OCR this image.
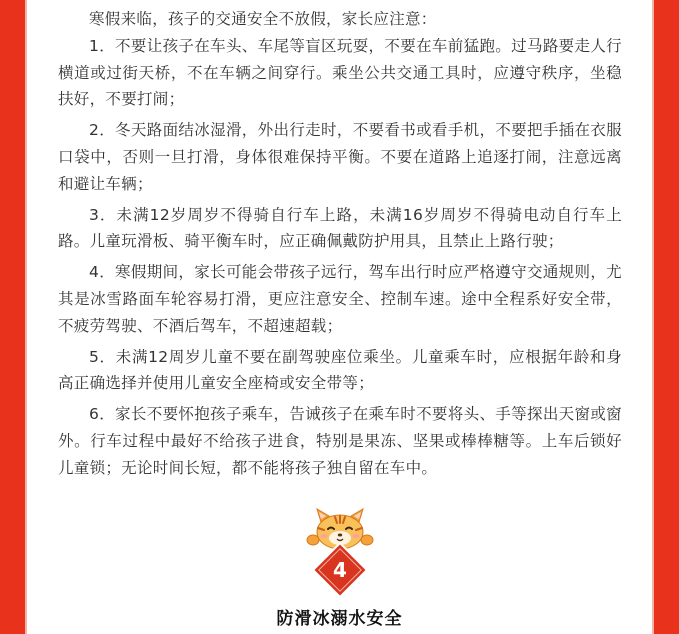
寒假来临，孩子的交通安全不放假，家长应注意：

1．不要让孩子在车头、车尾等盲区玩耍，不要在车前猛跑。过马路要走人行横道或过街天桥，不在车辆之间穿行。乘坐公共交通工具时，应遵守秩序，坐稳扶好，不要打闹；

2．冬天路面结冰湿滑，外出行走时，不要看书或看手机，不要把手插在衣服口袋中，否则一旦打滑，身体很难保持平衡。不要在道路上追逐打闹，注意远离和避让车辆；

3．未满12岁周岁不得骑自行车上路，未满16岁周岁不得骑电动自行车上路。儿童玩滑板、骑平衡车时，应正确佩戴防护用具，且禁止上路行驶；

4．寒假期间，家长可能会带孩子远行，驾车出行时应严格遵守交通规则，尤其是冰雪路面车轮容易打滑，更应注意安全、控制车速。途中全程系好安全带，不疲劳驾驶、不酒后驾车，不超速超载；

5．未满12周岁儿童不要在副驾驶座位乘坐。儿童乘车时，应根据年龄和身高正确选择并使用儿童安全座椅或安全带等；

6．家长不要怀抱孩子乘车，告诫孩子在乘车时不要将头、手等探出天窗或窗外。行车过程中最好不给孩子进食，特别是果冻、坚果或棒棒糖等。上车后锁好儿童锁；无论时间长短，都不能将孩子独自留在车中。

4
防滑冰溺水安全
